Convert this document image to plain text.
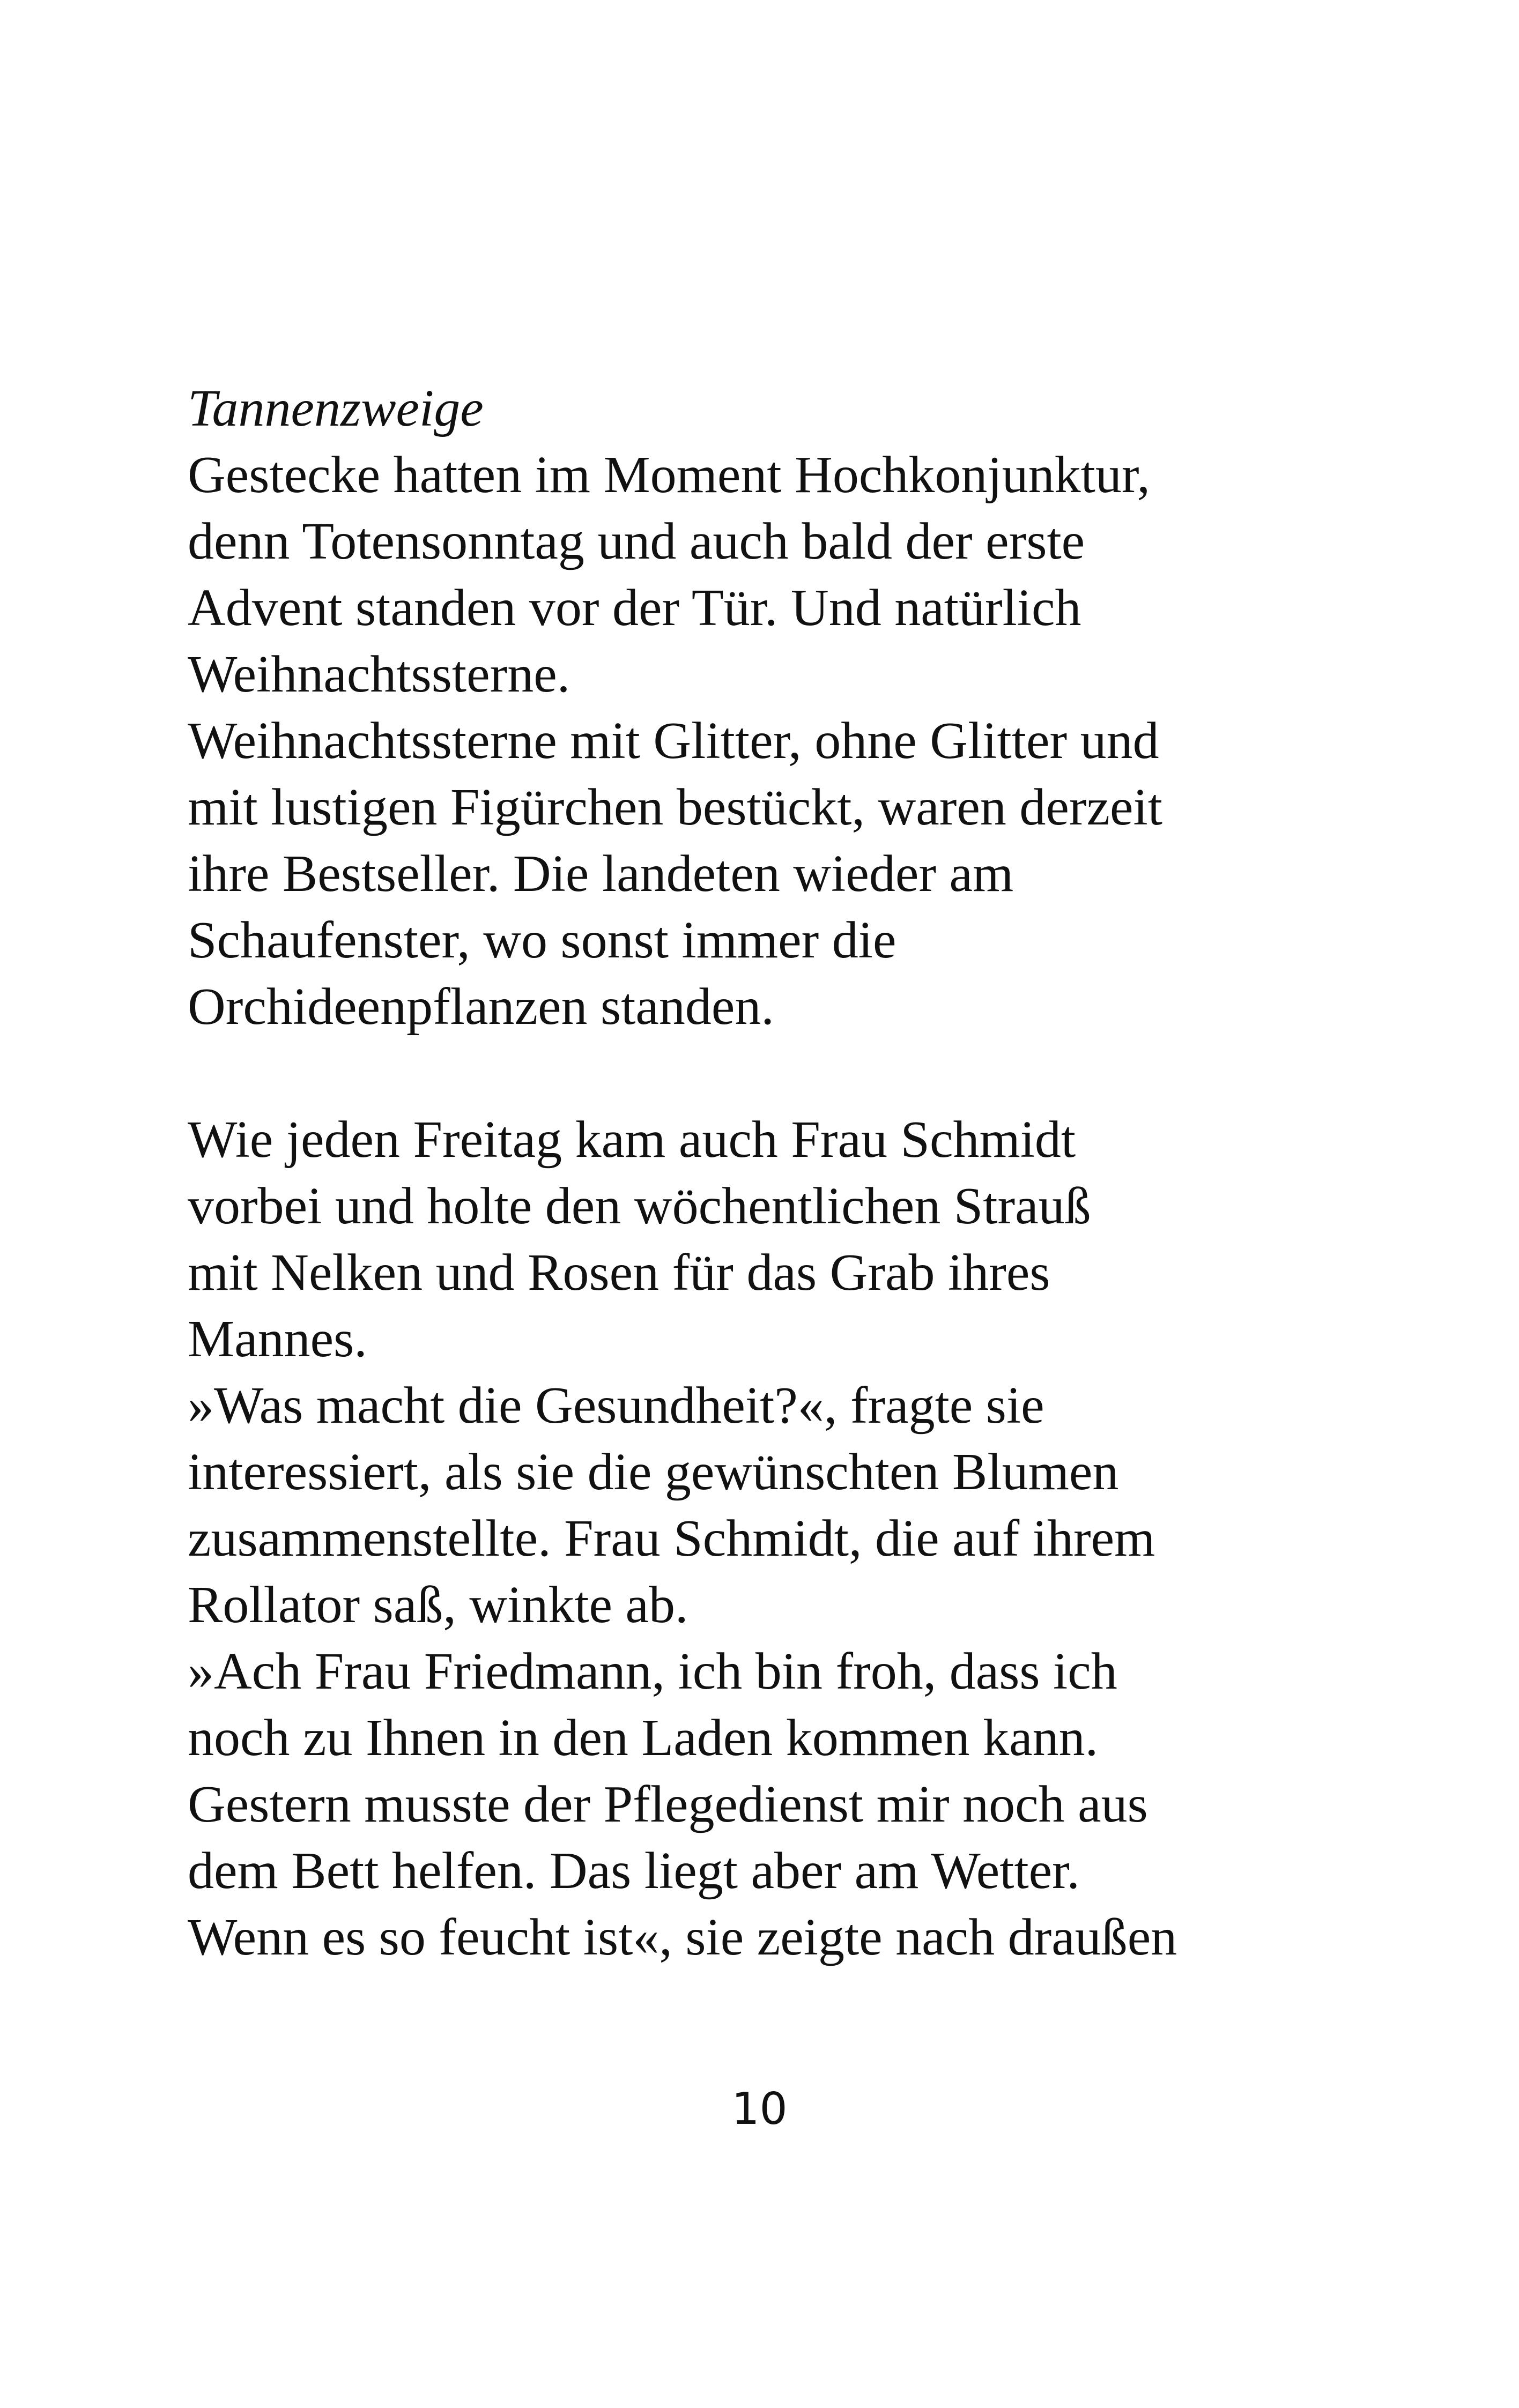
Tannenzweige
Gestecke hatten im Moment Hochkonjunktur,
denn Totensonntag und auch bald der erste
Advent standen vor der Tür. Und natürlich
Weihnachtssterne.
Weihnachtssterne mit Glitter, ohne Glitter und
mit lustigen Figürchen bestückt, waren derzeit
ihre Bestseller. Die landeten wieder am
Schaufenster, wo sonst immer die
Orchideenpflanzen standen.
Wie jeden Freitag kam auch Frau Schmidt
vorbei und holte den wöchentlichen Strauß
mit Nelken und Rosen für das Grab ihres
Mannes.
»Was macht die Gesundheit?«, fragte sie
interessiert, als sie die gewünschten Blumen
zusammenstellte. Frau Schmidt, die auf ihrem
Rollator saß, winkte ab.
»Ach Frau Friedmann, ich bin froh, dass ich
noch zu Ihnen in den Laden kommen kann.
Gestern musste der Pflegedienst mir noch aus
dem Bett helfen. Das liegt aber am Wetter.
Wenn es so feucht ist«, sie zeigte nach draußen
10
